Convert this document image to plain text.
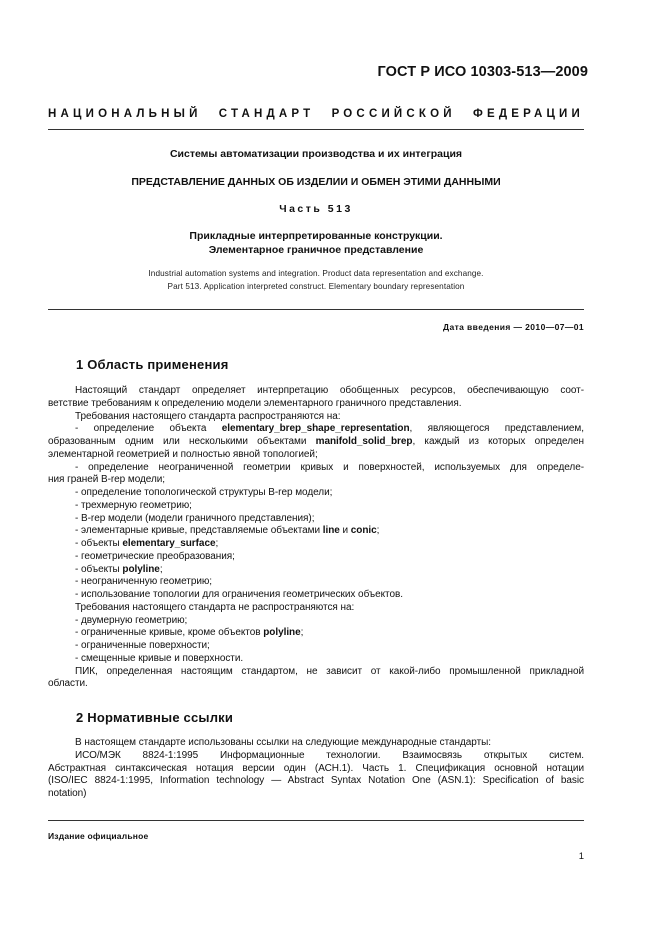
ГОСТ Р ИСО 10303-513—2009
НАЦИОНАЛЬНЫЙ СТАНДАРТ РОССИЙСКОЙ ФЕДЕРАЦИИ
Системы автоматизации производства и их интеграция
ПРЕДСТАВЛЕНИЕ ДАННЫХ ОБ ИЗДЕЛИИ И ОБМЕН ЭТИМИ ДАННЫМИ
Часть 513
Прикладные интерпретированные конструкции.
Элементарное граничное представление
Industrial automation systems and integration. Product data representation and exchange.
Part 513. Application interpreted construct. Elementary boundary representation
Дата введения — 2010—07—01
1 Область применения

Настоящий стандарт определяет интерпретацию обобщенных ресурсов, обеспечивающую соот-

ветствие требованиям к определению модели элементарного граничного представления.

Требования настоящего стандарта распространяются на:

- определение объекта elementary_brep_shape_representation, являющегося представлением,

образованным одним или несколькими объектами manifold_solid_brep, каждый из которых определен

элементарной геометрией и полностью явной топологией;

- определение неограниченной геометрии кривых и поверхностей, используемых для определе-

ния граней B-rep модели;

- определение топологической структуры B-rep модели;

- трехмерную геометрию;

- B-rep модели (модели граничного представления);

- элементарные кривые, представляемые объектами line и conic;

- объекты elementary_surface;

- геометрические преобразования;

- объекты polyline;

- неограниченную геометрию;

- использование топологии для ограничения геометрических объектов.

Требования настоящего стандарта не распространяются на:

- двумерную геометрию;

- ограниченные кривые, кроме объектов polyline;

- ограниченные поверхности;

- смещенные кривые и поверхности.

ПИК, определенная настоящим стандартом, не зависит от какой-либо промышленной прикладной

области.

2 Нормативные ссылки

В настоящем стандарте использованы ссылки на следующие международные стандарты:

ИСО/МЭК 8824-1:1995 Информационные технологии. Взаимосвязь открытых систем.

Абстрактная синтаксическая нотация версии один (АСН.1). Часть 1. Спецификация основной нотации

(ISO/IEC 8824-1:1995, Information technology — Abstract Syntax Notation One (ASN.1): Specification of basic

notation)

Издание официальное
1
